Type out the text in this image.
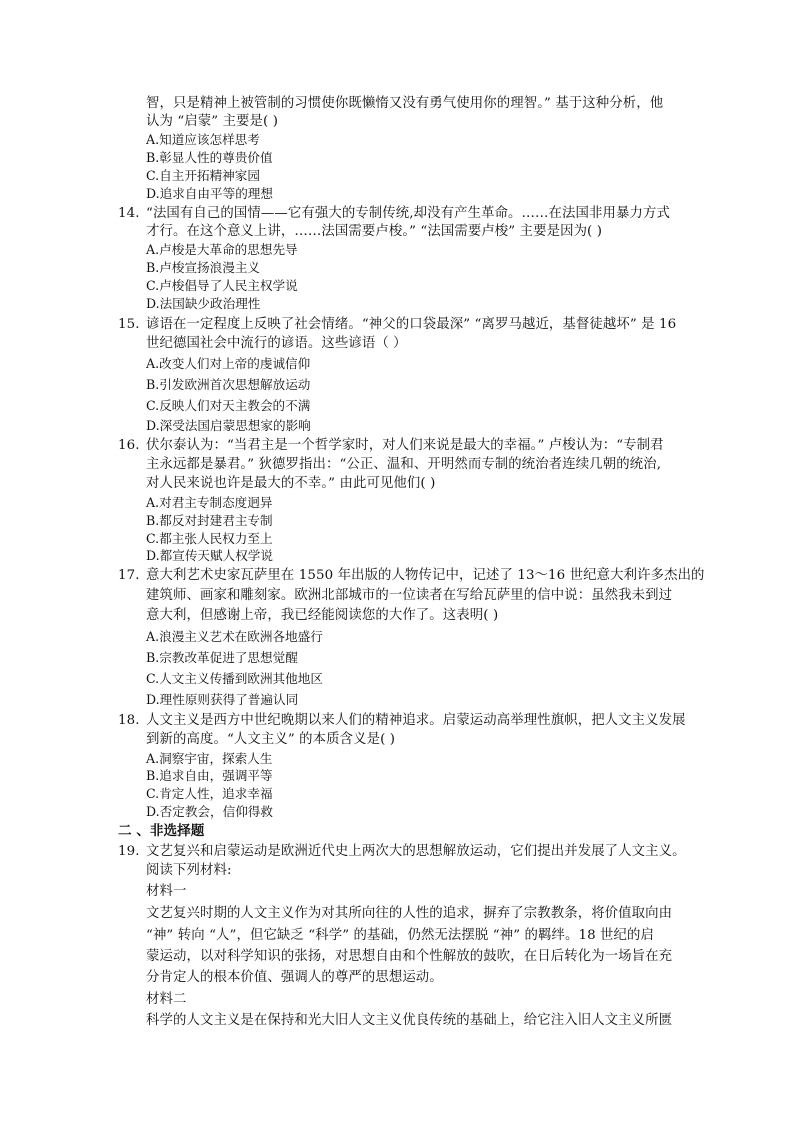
智，只是精神上被管制的习惯使你既懒惰又没有勇气使用你的理智。” 基于这种分析，他
认为 “启蒙” 主要是( )
A.知道应该怎样思考
B.彰显人性的尊贵价值
C.自主开拓精神家园
D.追求自由平等的理想
14. “法国有自己的国情——它有强大的专制传统,却没有产生革命。……在法国非用暴力方式
才行。在这个意义上讲，……法国需要卢梭。” “法国需要卢梭” 主要是因为( )
A.卢梭是大革命的思想先导
B.卢梭宣扬浪漫主义
C.卢梭倡导了人民主权学说
D.法国缺少政治理性
15. 谚语在一定程度上反映了社会情绪。“神父的口袋最深” “离罗马越近，基督徒越坏” 是 16
世纪德国社会中流行的谚语。这些谚语（ ）
A.改变人们对上帝的虔诚信仰
B.引发欧洲首次思想解放运动
C.反映人们对天主教会的不满
D.深受法国启蒙思想家的影响
16. 伏尔泰认为：“当君主是一个哲学家时，对人们来说是最大的幸福。” 卢梭认为：“专制君
主永远都是暴君。” 狄德罗指出：“公正、温和、开明然而专制的统治者连续几朝的统治,
对人民来说也许是最大的不幸。” 由此可见他们( )
A.对君主专制态度迥异
B.都反对封建君主专制
C.都主张人民权力至上
D.都宣传天赋人权学说
17. 意大利艺术史家瓦萨里在 1550 年出版的人物传记中，记述了 13～16 世纪意大利许多杰出的
建筑师、画家和雕刻家。欧洲北部城市的一位读者在写给瓦萨里的信中说：虽然我未到过
意大利，但感谢上帝，我已经能阅读您的大作了。这表明( )
A.浪漫主义艺术在欧洲各地盛行
B.宗教改革促进了思想觉醒
C.人文主义传播到欧洲其他地区
D.理性原则获得了普遍认同
18. 人文主义是西方中世纪晚期以来人们的精神追求。启蒙运动高举理性旗帜，把人文主义发展
到新的高度。“人文主义” 的本质含义是( )
A.洞察宇宙，探索人生
B.追求自由，强调平等
C.肯定人性，追求幸福
D.否定教会，信仰得救
二 、非选择题
19. 文艺复兴和启蒙运动是欧洲近代史上两次大的思想解放运动，它们提出并发展了人文主义。
阅读下列材料:
材料一
文艺复兴时期的人文主义作为对其所向往的人性的追求，摒弃了宗教教条，将价值取向由
“神” 转向 “人”，但它缺乏 “科学” 的基础，仍然无法摆脱 “神” 的羁绊。18 世纪的启
蒙运动，以对科学知识的张扬，对思想自由和个性解放的鼓吹，在日后转化为一场旨在充
分肯定人的根本价值、强调人的尊严的思想运动。
材料二
科学的人文主义是在保持和光大旧人文主义优良传统的基础上，给它注入旧人文主义所匮
